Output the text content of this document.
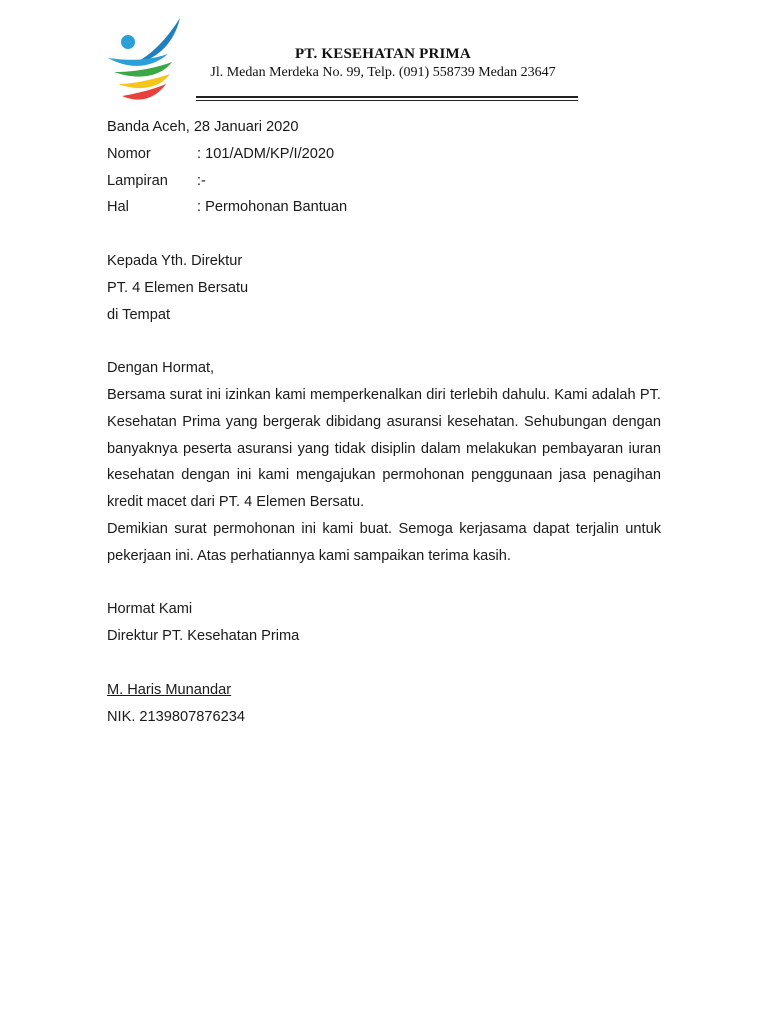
PT. KESEHATAN PRIMA
Jl. Medan Merdeka No. 99, Telp. (091) 558739 Medan 23647
Banda Aceh, 28 Januari 2020
Nomor	: 101/ADM/KP/I/2020
Lampiran	:-
Hal	: Permohonan Bantuan
Kepada Yth. Direktur
PT. 4 Elemen Bersatu
di Tempat
Dengan Hormat,
Bersama surat ini izinkan kami memperkenalkan diri terlebih dahulu. Kami adalah PT. Kesehatan Prima yang bergerak dibidang asuransi kesehatan. Sehubungan dengan banyaknya peserta asuransi yang tidak disiplin dalam melakukan pembayaran iuran kesehatan dengan ini kami mengajukan permohonan penggunaan jasa penagihan kredit macet dari PT. 4 Elemen Bersatu.
Demikian surat permohonan ini kami buat. Semoga kerjasama dapat terjalin untuk pekerjaan ini. Atas perhatiannya kami sampaikan terima kasih.
Hormat Kami
Direktur PT. Kesehatan Prima
M. Haris Munandar
NIK. 2139807876234
